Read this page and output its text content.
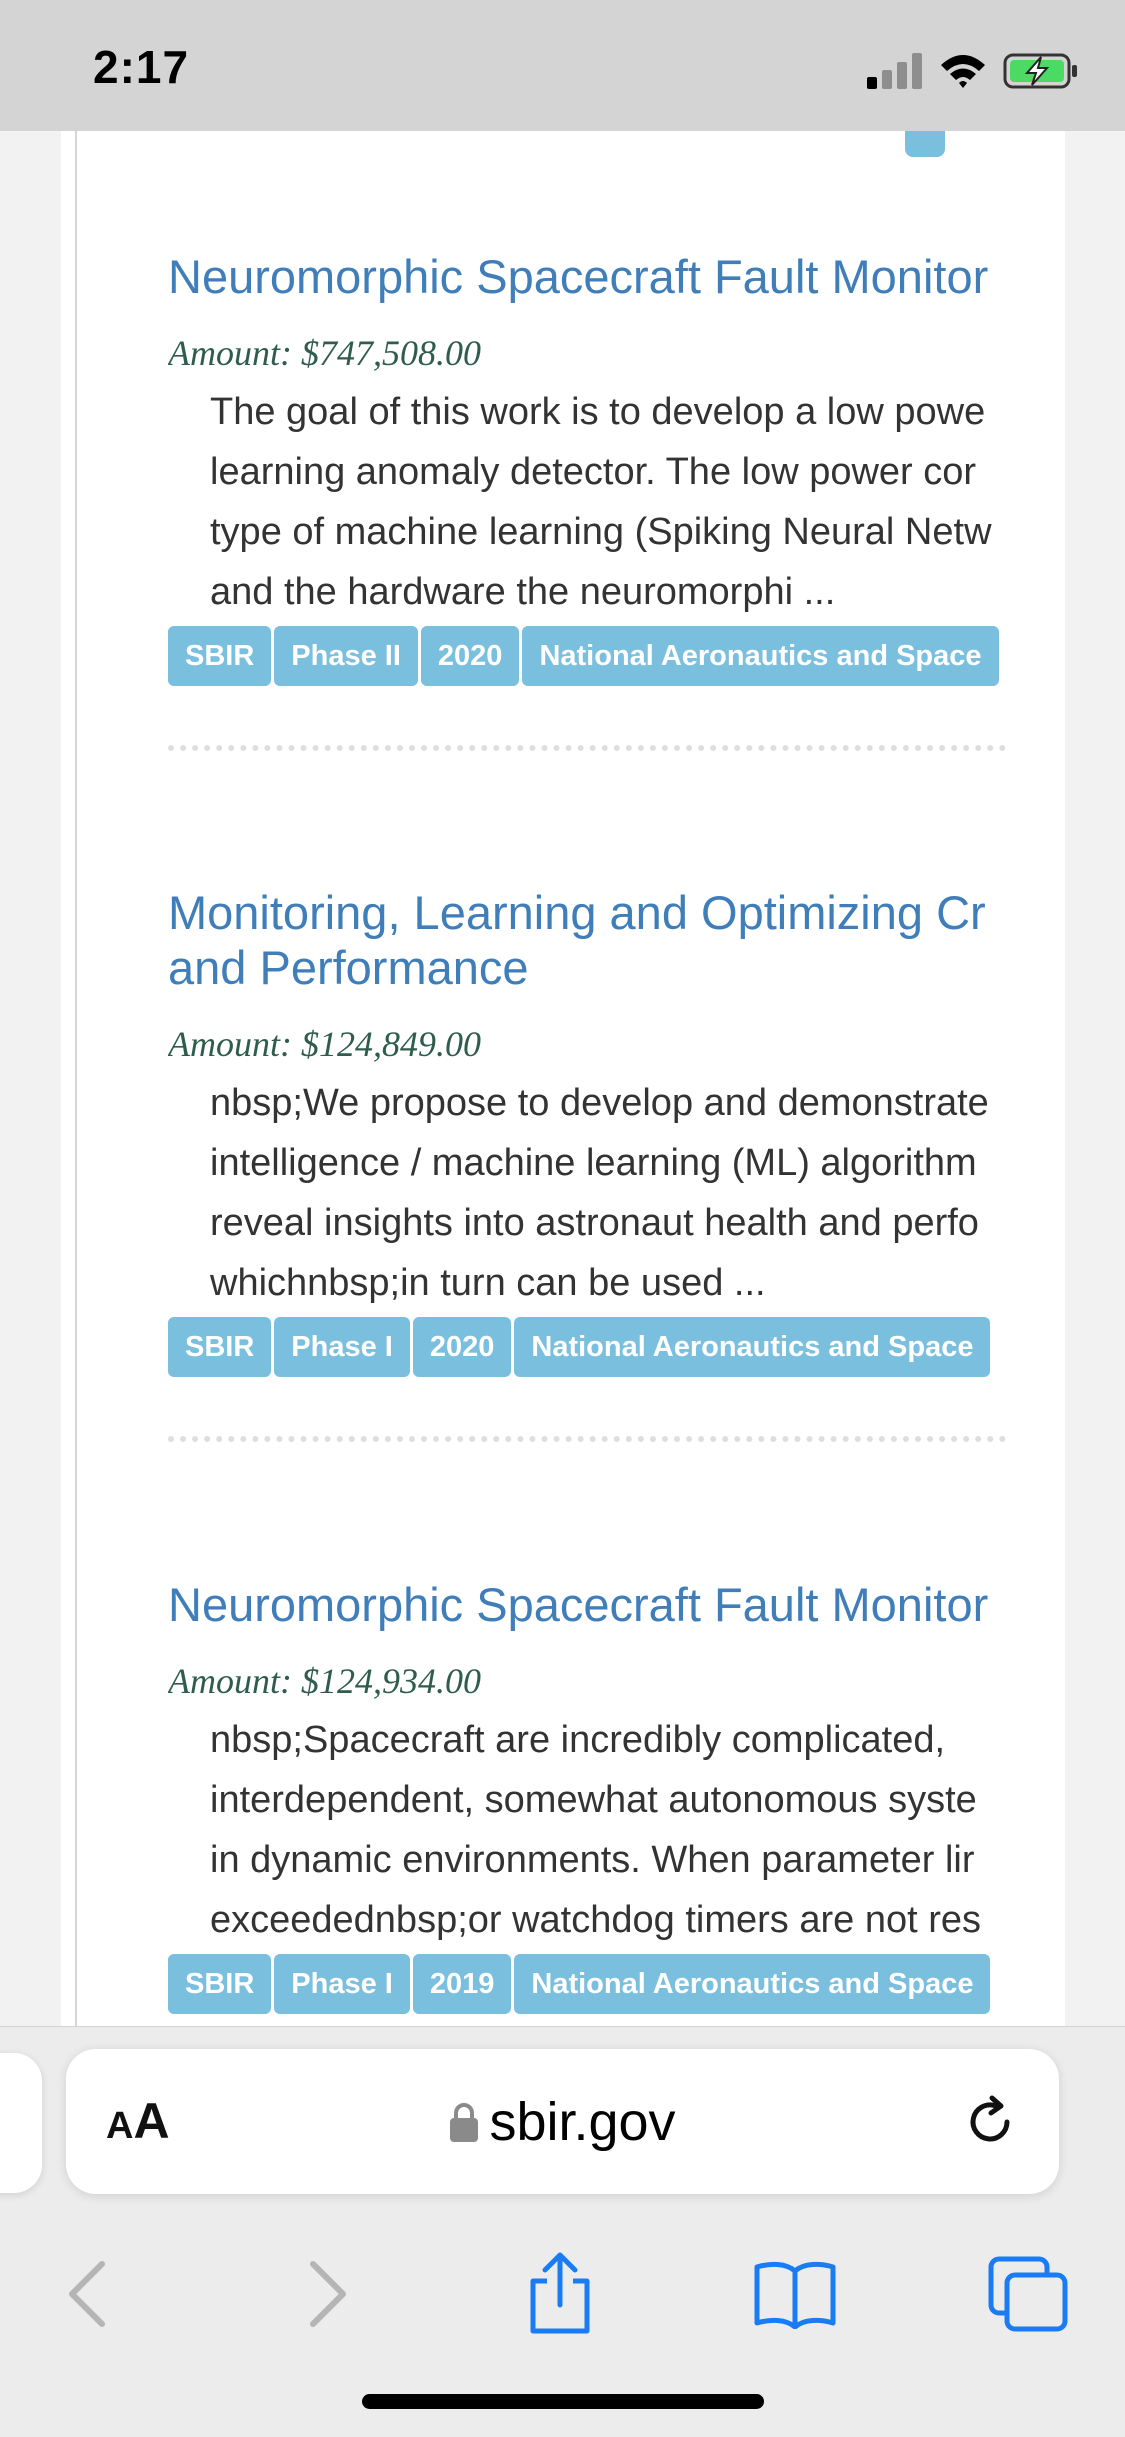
2:17
Neuromorphic Spacecraft Fault Monitor
Amount: $747,508.00
The goal of this work is to develop a low powe
learning anomaly detector. The low power cor
type of machine learning (Spiking Neural Netw
and the hardware the neuromorphi ...
SBIR	Phase II	2020	National Aeronautics and Space
Monitoring, Learning and Optimizing Cr
and Performance
Amount: $124,849.00
nbsp;We propose to develop and demonstrate
intelligence / machine learning (ML) algorithm
reveal insights into astronaut health and perfo
whichnbsp;in turn can be used ...
SBIR	Phase I	2020	National Aeronautics and Space
Neuromorphic Spacecraft Fault Monitor
Amount: $124,934.00
nbsp;Spacecraft are incredibly complicated,
interdependent, somewhat autonomous syste
in dynamic environments. When parameter lir
exceedednbsp;or watchdog timers are not res
SBIR	Phase I	2019	National Aeronautics and Space
AA	sbir.gov
